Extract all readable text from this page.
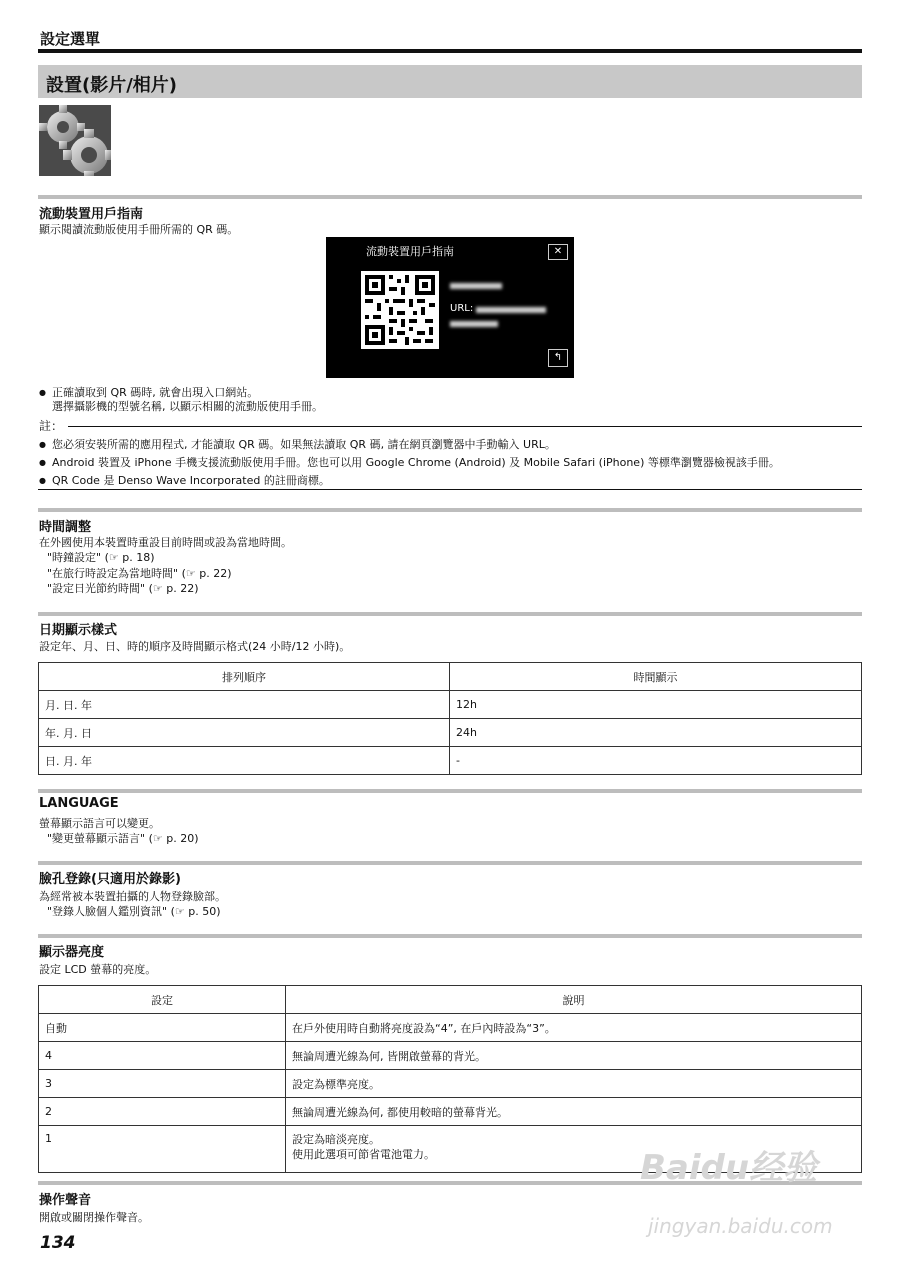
設定選單
設置(影片/相片)
流動裝置用戶指南
顯示閱讀流動版使用手冊所需的 QR 碼。
流動裝置用戶指南	✕
URL:
↰
● 正確讀取到 QR 碼時, 就會出現入口網站。
選擇攝影機的型號名稱, 以顯示相關的流動版使用手冊。
註：
● 您必須安裝所需的應用程式, 才能讀取 QR 碼。如果無法讀取 QR 碼, 請在網頁瀏覽器中手動輸入 URL。
● Android 裝置及 iPhone 手機支援流動版使用手冊。您也可以用 Google Chrome (Android) 及 Mobile Safari (iPhone) 等標準瀏覽器檢視該手冊。
● QR Code 是 Denso Wave Incorporated 的註冊商標。
時間調整
在外國使用本裝置時重設目前時間或設為當地時間。
"時鐘設定" (☞ p. 18)
"在旅行時設定為當地時間" (☞ p. 22)
"設定日光節約時間" (☞ p. 22)
日期顯示樣式
設定年、月、日、時的順序及時間顯示格式(24 小時/12 小時)。
排列順序	時間顯示
月. 日. 年	12h
年. 月. 日	24h
日. 月. 年	-
LANGUAGE
螢幕顯示語言可以變更。
"變更螢幕顯示語言" (☞ p. 20)
臉孔登錄(只適用於錄影)
為經常被本裝置拍攝的人物登錄臉部。
"登錄人臉個人鑑別資訊" (☞ p. 50)
顯示器亮度
設定 LCD 螢幕的亮度。
設定	說明
自動	在戶外使用時自動將亮度設為“4”, 在戶內時設為“3”。
4	無論周遭光線為何, 皆開啟螢幕的背光。
3	設定為標準亮度。
2	無論周遭光線為何, 都使用較暗的螢幕背光。
1	設定為暗淡亮度。
使用此選項可節省電池電力。
操作聲音
開啟或關閉操作聲音。
134
Baidu经验
jingyan.baidu.com
